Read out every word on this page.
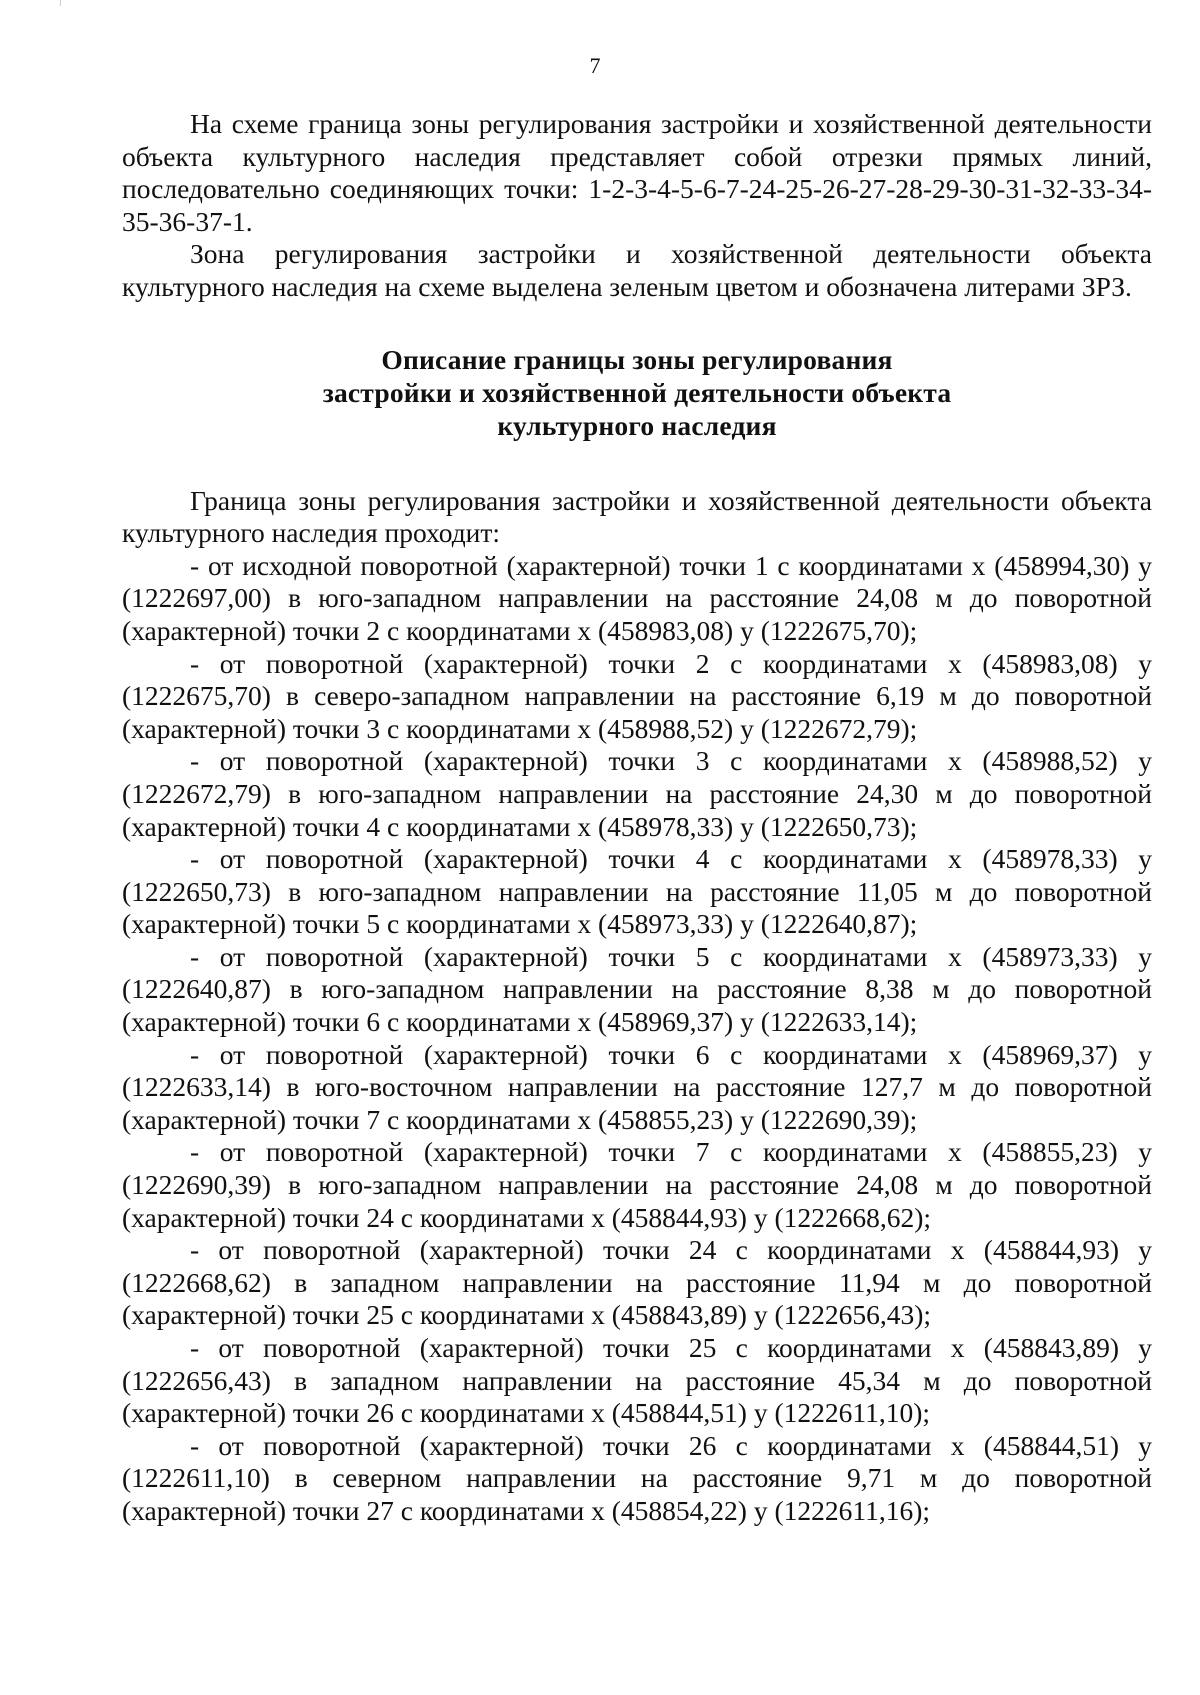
7

На схеме граница зоны регулирования застройки и хозяйственной деятельности объекта культурного наследия представляет собой отрезки прямых линий, последовательно соединяющих точки: 1-2-3-4-5-6-7-24-25-26-27-28-29-30-31-32-33-34-35-36-37-1.

Зона регулирования застройки и хозяйственной деятельности объекта культурного наследия на схеме выделена зеленым цветом и обозначена литерами ЗРЗ.

Описание границы зоны регулирования
застройки и хозяйственной деятельности объекта
культурного наследия

Граница зоны регулирования застройки и хозяйственной деятельности объекта культурного наследия проходит:

- от исходной поворотной (характерной) точки 1 с координатами х (458994,30) у (1222697,00) в юго-западном направлении на расстояние 24,08 м до поворотной (характерной) точки 2 с координатами х (458983,08) у (1222675,70);

- от поворотной (характерной) точки 2 с координатами х (458983,08) у (1222675,70) в северо-западном направлении на расстояние 6,19 м до поворотной (характерной) точки 3 с координатами х (458988,52) у (1222672,79);

- от поворотной (характерной) точки 3 с координатами х (458988,52) у (1222672,79) в юго-западном направлении на расстояние 24,30 м до поворотной (характерной) точки 4 с координатами х (458978,33) у (1222650,73);

- от поворотной (характерной) точки 4 с координатами х (458978,33) у (1222650,73) в юго-западном направлении на расстояние 11,05 м до поворотной (характерной) точки 5 с координатами х (458973,33) у (1222640,87);

- от поворотной (характерной) точки 5 с координатами х (458973,33) у (1222640,87) в юго-западном направлении на расстояние 8,38 м до поворотной (характерной) точки 6 с координатами х (458969,37) у (1222633,14);

- от поворотной (характерной) точки 6 с координатами х (458969,37) у (1222633,14) в юго-восточном направлении на расстояние 127,7 м до поворотной (характерной) точки 7 с координатами х (458855,23) у (1222690,39);

- от поворотной (характерной) точки 7 с координатами х (458855,23) у (1222690,39) в юго-западном направлении на расстояние 24,08 м до поворотной (характерной) точки 24 с координатами х (458844,93) у (1222668,62);

- от поворотной (характерной) точки 24 с координатами х (458844,93) у (1222668,62) в западном направлении на расстояние 11,94 м до поворотной (характерной) точки 25 с координатами х (458843,89) у (1222656,43);

- от поворотной (характерной) точки 25 с координатами х (458843,89) у (1222656,43) в западном направлении на расстояние 45,34 м до поворотной (характерной) точки 26 с координатами х (458844,51) у (1222611,10);

- от поворотной (характерной) точки 26 с координатами х (458844,51) у (1222611,10) в северном направлении на расстояние 9,71 м до поворотной (характерной) точки 27 с координатами х (458854,22) у (1222611,16);
